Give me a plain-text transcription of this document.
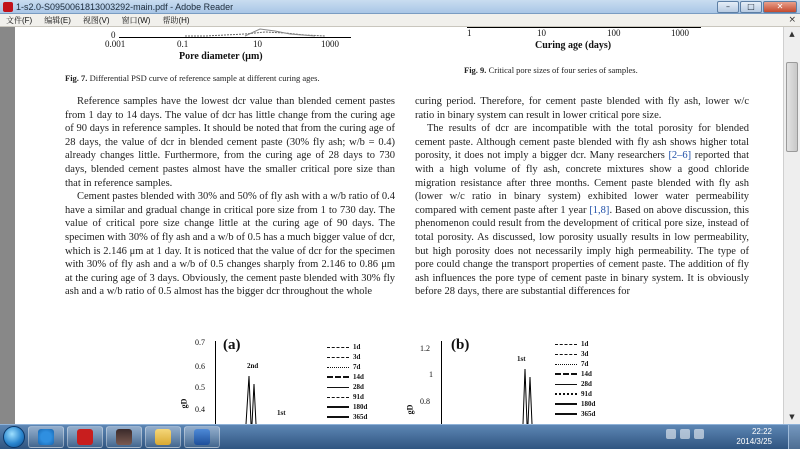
1-s2.0-S0950061813003292-main.pdf - Adobe Reader	–	□	✕
文件(F)	编辑(E)	视图(V)	窗口(W)	帮助(H)	×
0
0.001	0.1	10	1000
Pore diameter (μm)
Fig. 7. Differential PSD curve of reference sample at different curing ages.
1	10	100	1000
Curing age (days)
Fig. 9. Critical pore sizes of four series of samples.

Reference samples have the lowest dcr value than blended cement pastes from 1 day to 14 days. The value of dcr has little change from the curing age of 90 days in reference samples. It should be noted that from the curing age of 28 days, the value of dcr in blended cement paste (30% fly ash; w/b = 0.4) already changes little. Furthermore, from the curing age of 28 days to 730 days, blended cement pastes almost have the smaller critical pore size than that in reference samples.

Cement pastes blended with 30% and 50% of fly ash with a w/b ratio of 0.4 have a similar and gradual change in critical pore size from 1 to 730 day. The value of critical pore size change little at the curing age of 90 days. The specimen with 30% of fly ash and a w/b of 0.5 has a much bigger value of dcr, which is 2.146 μm at 1 day. It is noticed that the value of dcr for the specimen with 30% of fly ash and a w/b of 0.5 changes sharply from 2.146 to 0.86 μm at the curing age of 3 days. Obviously, the cement paste blended with 30% fly ash and a w/b ratio of 0.5 almost has the bigger dcr throughout the whole

curing period. Therefore, for cement paste blended with fly ash, lower w/c ratio in binary system can result in lower critical pore size.

The results of dcr are incompatible with the total porosity for blended cement paste. Although cement paste blended with fly ash shows higher total porosity, it does not imply a bigger dcr. Many researchers [2–6] reported that with a high volume of fly ash, concrete mixtures show a good chloride migration resistance after three months. Cement paste blended with fly ash (lower w/c ratio in binary system) exhibited lower water permeability compared with cement paste after 1 year [1,8]. Based on above discussion, this phenomenon could result from the development of critical pore size, instead of total porosity. As discussed, low porosity usually results in low permeability, but high porosity does not necessarily imply high permeability. The type of pore could change the transport properties of cement paste. The addition of fly ash influences the pore type of cement paste in binary system. It is obviously before 28 days, there are substantial differences for

0.7
0.6
0.5
0.4
gD
(a)
2nd
1st
1d
3d
7d
14d
28d
91d
180d
365d
1.2
1
0.8
gD
(b)
1st
1d
3d
7d
14d
28d
91d
180d
365d
▲
▼
22:22
2014/3/25
